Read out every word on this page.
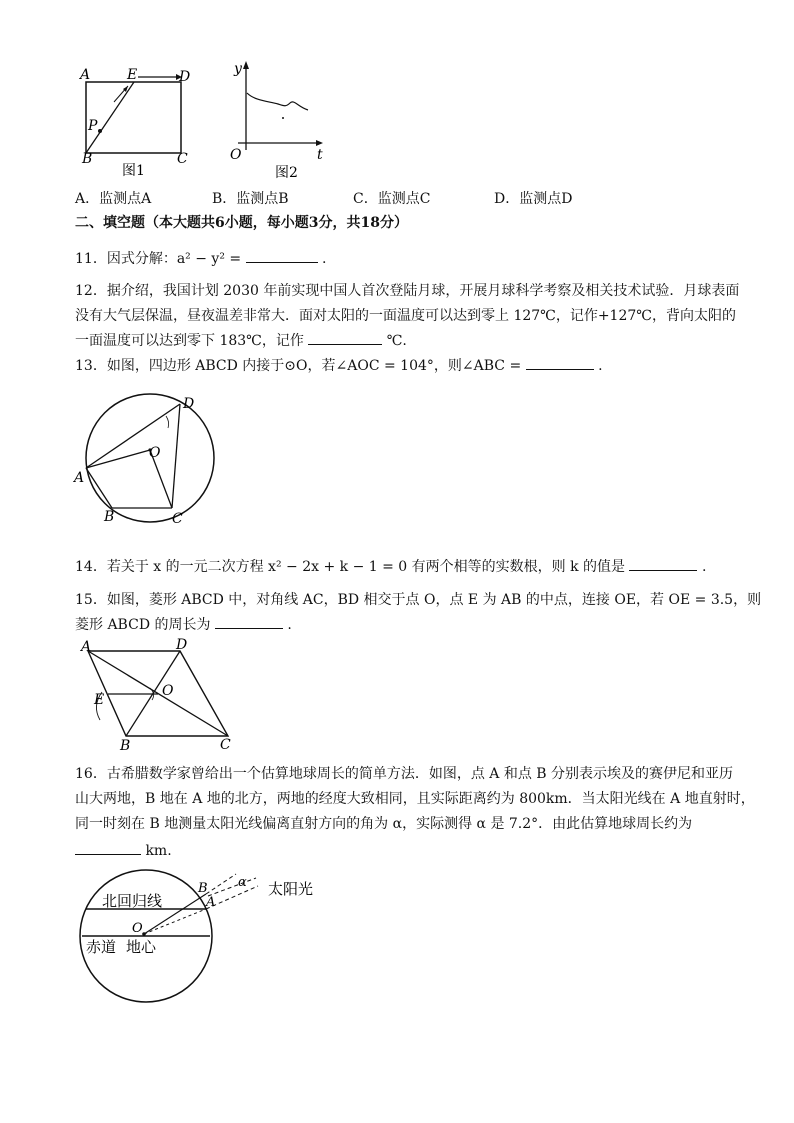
A	E	D
P
B	C
图1
y
O	t
图2
A．监测点A	B．监测点B	C．监测点C	D．监测点D
二、填空题（本大题共6小题，每小题3分，共18分）
11．因式分解：a² − y² =	.
12．据介绍，我国计划 2030 年前实现中国人首次登陆月球，开展月球科学考察及相关技术试验．月球表面
没有大气层保温，昼夜温差非常大．面对太阳的一面温度可以达到零上 127℃，记作+127℃，背向太阳的
一面温度可以达到零下 183℃，记作	℃.
13．如图，四边形 ABCD 内接于⊙O，若∠AOC = 104°，则∠ABC =	.
D
O
A
B	C
14．若关于 x 的一元二次方程 x² − 2x + k − 1 = 0 有两个相等的实数根，则 k 的值是	.
15．如图，菱形 ABCD 中，对角线 AC，BD 相交于点 O，点 E 为 AB 的中点，连接 OE，若 OE = 3.5，则
菱形 ABCD 的周长为	.
A	D
E
O
B	C
16．古希腊数学家曾给出一个估算地球周长的简单方法．如图，点 A 和点 B 分别表示埃及的赛伊尼和亚历
山大两地，B 地在 A 地的北方，两地的经度大致相同，且实际距离约为 800km．当太阳光线在 A 地直射时，
同一时刻在 B 地测量太阳光线偏离直射方向的角为 α，实际测得 α 是 7.2°．由此估算地球周长约为
km.
北回归线
赤道 地心
O
B
A
α 太阳光
